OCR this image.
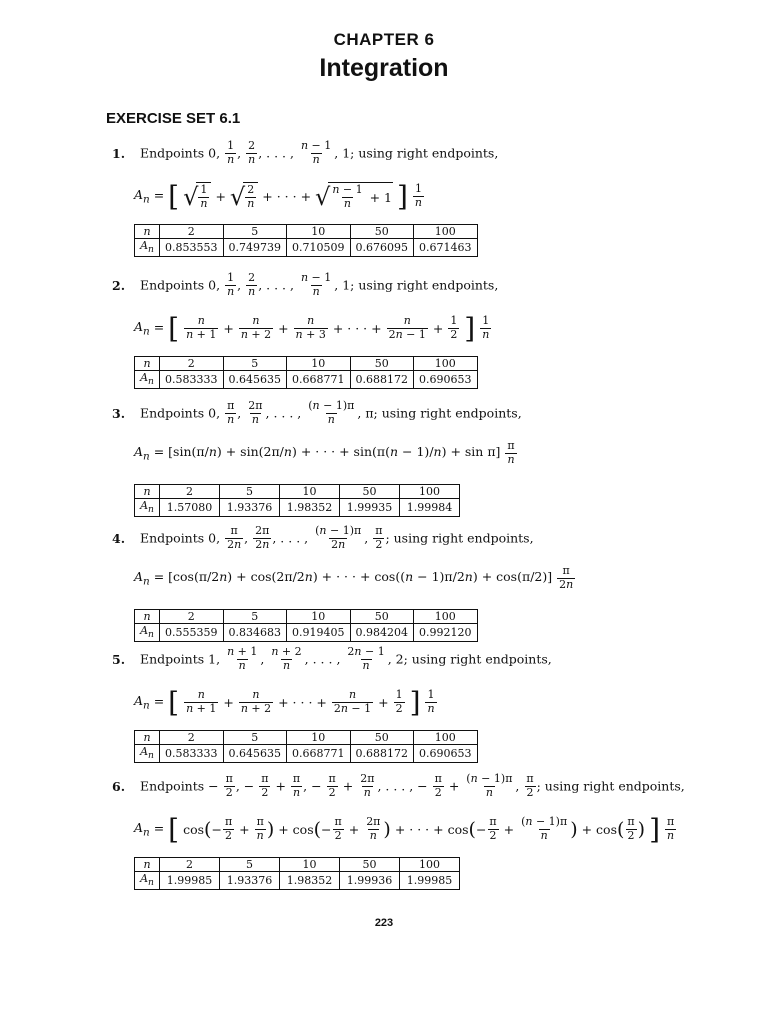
CHAPTER 6
Integration
EXERCISE SET 6.1
1. Endpoints 0, $\frac{1}{n}$ , $\frac{2}{n}$ , . . . , $\frac{n - 1}{n}$ , 1; using right endpoints,
$A_n$ = [ √ $\frac{1}{n}$ + √ $\frac{2}{n}$ + · · · + √ $\frac{n - 1}{n} + 1$ ] $\frac{1}{n}$
n	2	5	10	50	100
$A_n$	0.853553	0.749739	0.710509	0.676095	0.671463
2. Endpoints 0, $\frac{1}{n}$ , $\frac{2}{n}$ , . . . , $\frac{n - 1}{n}$ , 1; using right endpoints,
$A_n$ = [ $\frac{n}{n + 1} + \frac{n}{n + 2} + \frac{n}{n + 3}$ + · · · + $\frac{n}{2n - 1} + \frac{1}{2}$ ] $\frac{1}{n}$
n	2	5	10	50	100
$A_n$	0.583333	0.645635	0.668771	0.688172	0.690653
3. Endpoints 0, $\frac{\pi}{n}$ , $\frac{2\pi}{n}$ , . . . , $\frac{(n - 1)\pi}{n}$ , π; using right endpoints,
$A_n = [\sin(\pi/n) + \sin(2\pi/n)$ + · · · + $\sin(\pi(n - 1)/n) + \sin \pi] \frac{\pi}{n}$
n	2	5	10	50	100
$A_n$	1.57080	1.93376	1.98352	1.99935	1.99984
4. Endpoints 0, $\frac{\pi}{2n}$ , $\frac{2\pi}{2n}$ , . . . , $\frac{(n - 1)\pi}{2n}$ , $\frac{\pi}{2}$ ; using right endpoints,
$A_n = [\cos(\pi/2n) + \cos(2\pi/2n)$ + · · · + $\cos((n - 1)\pi/2n) + \cos(\pi/2)] \frac{\pi}{2n}$
n	2	5	10	50	100
$A_n$	0.555359	0.834683	0.919405	0.984204	0.992120
5. Endpoints 1, $\frac{n + 1}{n}$ , $\frac{n + 2}{n}$ , . . . , $\frac{2n - 1}{n}$ , 2; using right endpoints,
$A_n$ = [ $\frac{n}{n + 1} + \frac{n}{n + 2}$ + · · · + $\frac{n}{2n - 1} + \frac{1}{2}$ ] $\frac{1}{n}$
n	2	5	10	50	100
$A_n$	0.583333	0.645635	0.668771	0.688172	0.690653
6. Endpoints − $\frac{\pi}{2}$ , − $\frac{\pi}{2} + \frac{\pi}{n}$ , − $\frac{\pi}{2} + \frac{2\pi}{n}$ , . . . , − $\frac{\pi}{2} + \frac{(n - 1)\pi}{n}$ , $\frac{\pi}{2}$ ; using right endpoints,
$A_n$ = [ $\cos(- \frac{\pi}{2} + \frac{\pi}{n}$ ) + $\cos(- \frac{\pi}{2} + \frac{2\pi}{n}$ ) + · · · + $\cos(- \frac{\pi}{2} + \frac{(n - 1)\pi}{n}$ ) + $\cos( \frac{\pi}{2}$ ) ] $\frac{\pi}{n}$
n	2	5	10	50	100
$A_n$	1.99985	1.93376	1.98352	1.99936	1.99985
223
